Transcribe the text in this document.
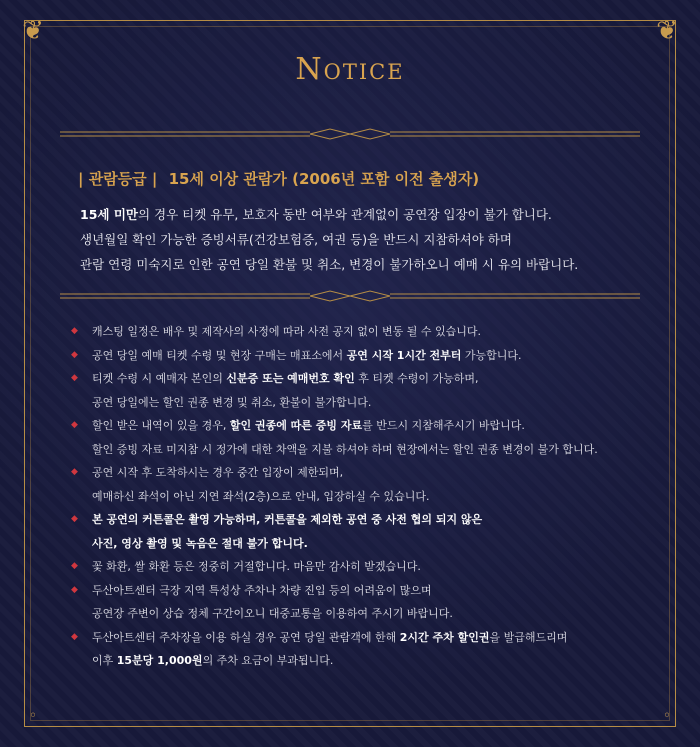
❦	❦
◦	◦
Notice
| 관람등급 | 15세 이상 관람가 (2006년 포함 이전 출생자)
15세 미만의 경우 티켓 유무, 보호자 동반 여부와 관계없이 공연장 입장이 불가 합니다.
생년월일 확인 가능한 증빙서류(건강보험증, 여권 등)을 반드시 지참하셔야 하며
관람 연령 미숙지로 인한 공연 당일 환불 및 취소, 변경이 불가하오니 예매 시 유의 바랍니다.
◆ 캐스팅 일정은 배우 및 제작사의 사정에 따라 사전 공지 없이 변동 될 수 있습니다.
◆ 공연 당일 예매 티켓 수령 및 현장 구매는 매표소에서 공연 시작 1시간 전부터 가능합니다.
◆ 티켓 수령 시 예매자 본인의 신분증 또는 예매번호 확인 후 티켓 수령이 가능하며,
공연 당일에는 할인 권종 변경 및 취소, 환불이 불가합니다.
◆ 할인 받은 내역이 있을 경우, 할인 권종에 따른 증빙 자료를 반드시 지참해주시기 바랍니다.
할인 증빙 자료 미지참 시 정가에 대한 차액을 지불 하셔야 하며 현장에서는 할인 권종 변경이 불가 합니다.
◆ 공연 시작 후 도착하시는 경우 중간 입장이 제한되며,
예매하신 좌석이 아닌 지연 좌석(2층)으로 안내, 입장하실 수 있습니다.
◆ 본 공연의 커튼콜은 촬영 가능하며, 커튼콜을 제외한 공연 중 사전 협의 되지 않은
사진, 영상 촬영 및 녹음은 절대 불가 합니다.
◆ 꽃 화환, 쌀 화환 등은 정중히 거절합니다. 마음만 감사히 받겠습니다.
◆ 두산아트센터 극장 지역 특성상 주차나 차량 진입 등의 어려움이 많으며
공연장 주변이 상습 정체 구간이오니 대중교통을 이용하여 주시기 바랍니다.
◆ 두산아트센터 주차장을 이용 하실 경우 공연 당일 관람객에 한해 2시간 주차 할인권을 발급해드리며
이후 15분당 1,000원의 주차 요금이 부과됩니다.
